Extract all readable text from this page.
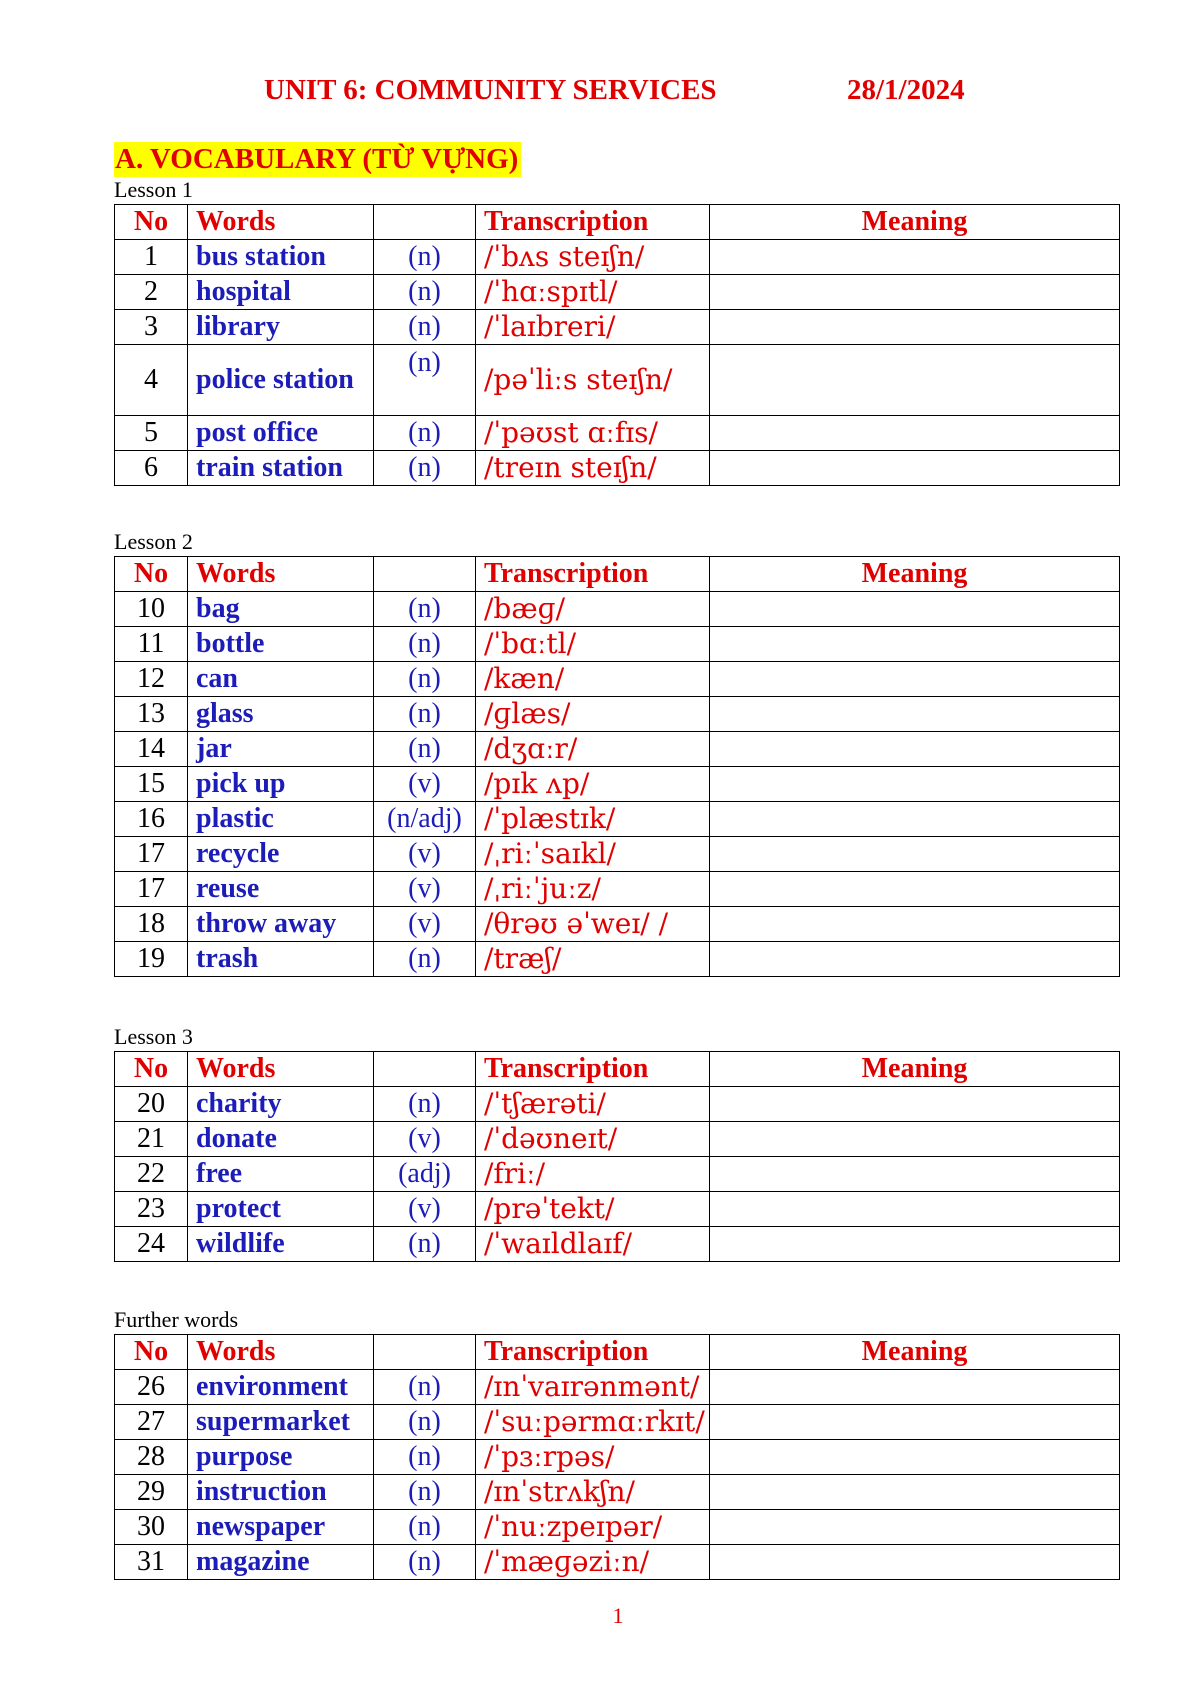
UNIT 6: COMMUNITY SERVICES	28/1/2024
A. VOCABULARY (TỪ VỰNG)
Lesson 1
No	Words		Transcription	Meaning
1	bus station	(n)	/ˈbʌs steɪʃn/	
2	hospital	(n)	/ˈhɑːspɪtl/	
3	library	(n)	/ˈlaɪbreri/	
4	police station	(n)	/pəˈliːs steɪʃn/	
5	post office	(n)	/ˈpəʊst ɑːfɪs/	
6	train station	(n)	/treɪn steɪʃn/	
Lesson 2
No	Words		Transcription	Meaning
10	bag	(n)	/bæɡ/	
11	bottle	(n)	/ˈbɑːtl/	
12	can	(n)	/kæn/	
13	glass	(n)	/ɡlæs/	
14	jar	(n)	/dʒɑːr/	
15	pick up	(v)	/pɪk ʌp/	
16	plastic	(n/adj)	/ˈplæstɪk/	
17	recycle	(v)	/ˌriːˈsaɪkl/	
17	reuse	(v)	/ˌriːˈjuːz/	
18	throw away	(v)	/θrəʊ əˈweɪ/ /	
19	trash	(n)	/træʃ/	
Lesson 3
No	Words		Transcription	Meaning
20	charity	(n)	/ˈtʃærəti/	
21	donate	(v)	/ˈdəʊneɪt/	
22	free	(adj)	/friː/	
23	protect	(v)	/prəˈtekt/	
24	wildlife	(n)	/ˈwaɪldlaɪf/	
Further words
No	Words		Transcription	Meaning
26	environment	(n)	/ɪnˈvaɪrənmənt/	
27	supermarket	(n)	/ˈsuːpərmɑːrkɪt/	
28	purpose	(n)	/ˈpɜːrpəs/	
29	instruction	(n)	/ɪnˈstrʌkʃn/	
30	newspaper	(n)	/ˈnuːzpeɪpər/	
31	magazine	(n)	/ˈmæɡəziːn/	
1
